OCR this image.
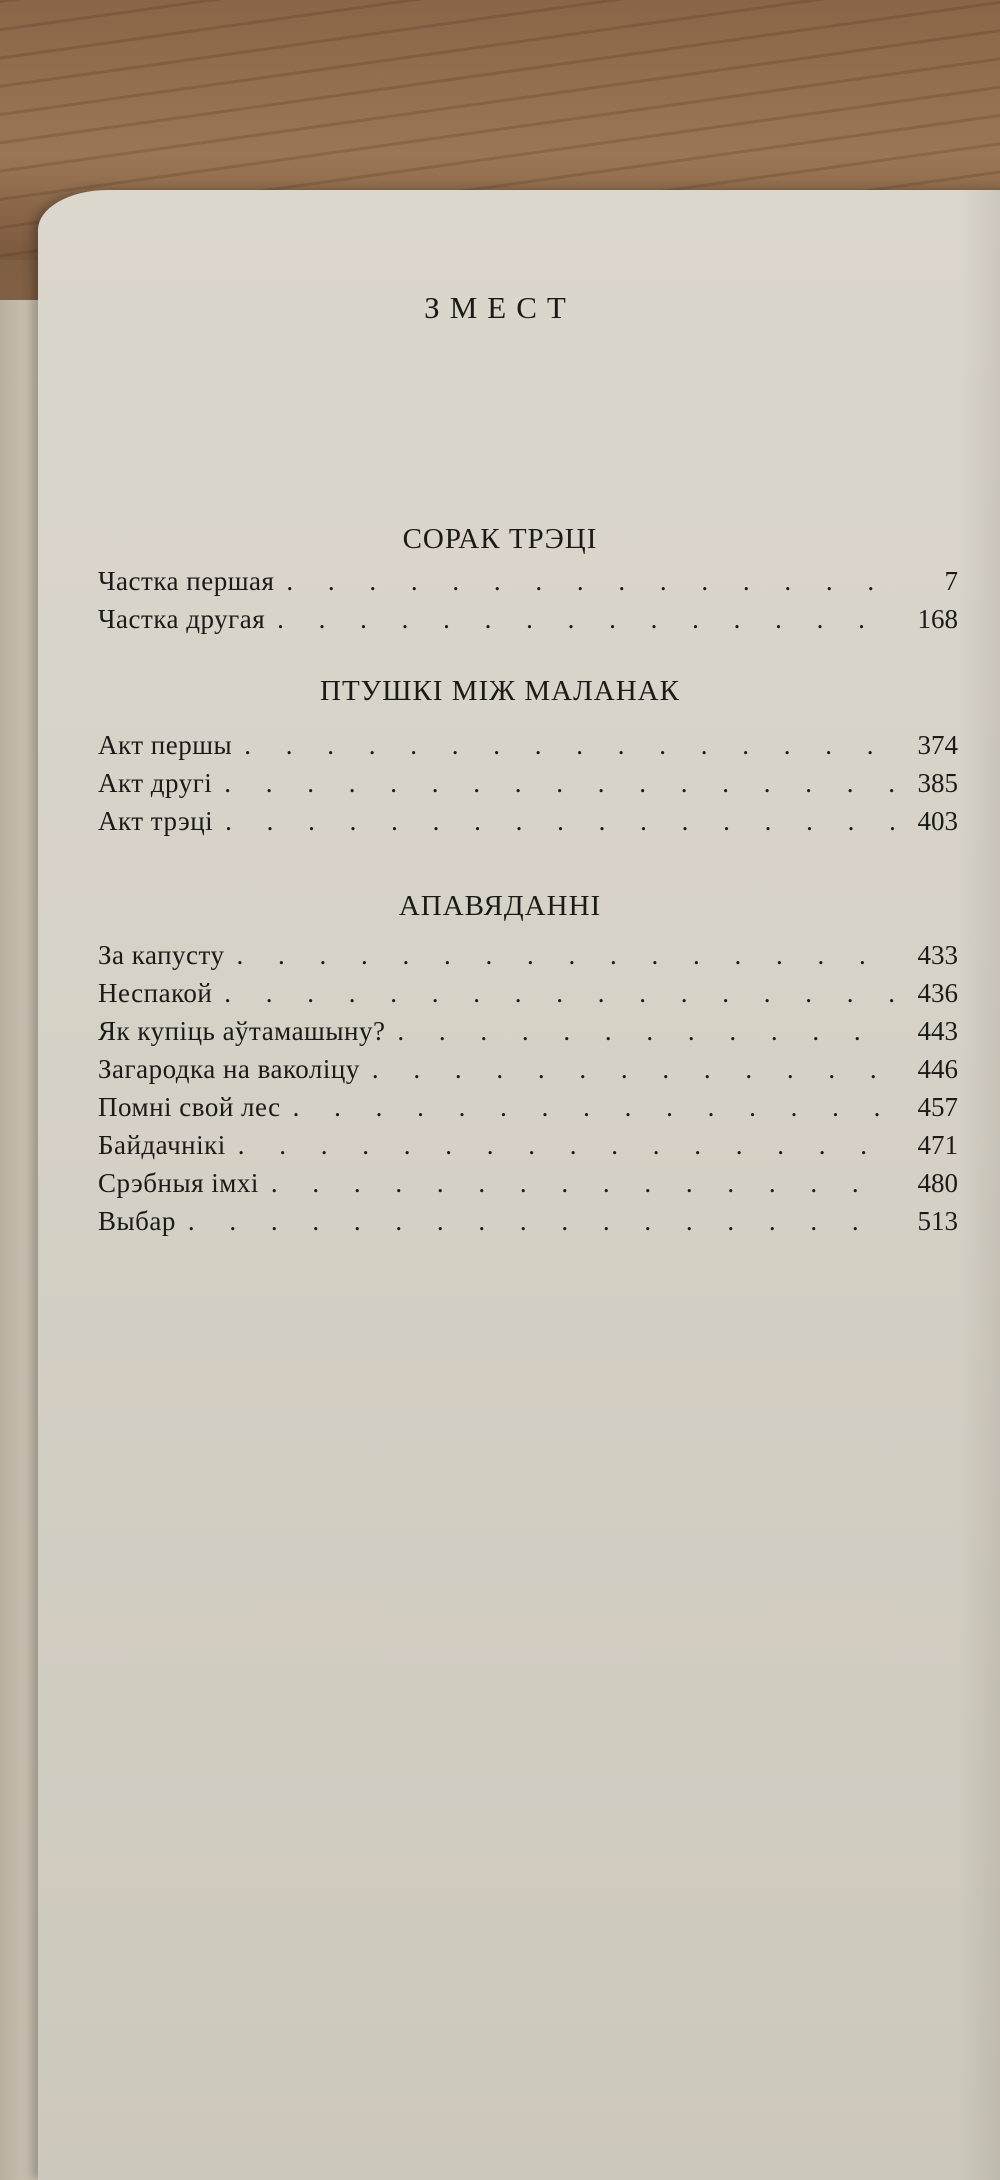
ЗМЕСТ
СОРАК ТРЭЦІ
Частка першая . . .	7
Частка другая . . .	168
ПТУШКІ МІЖ МАЛАНАК
Акт першы . . .	374
Акт другі . . .	385
Акт трэці . . .	403
АПАВЯДАННІ
За капусту . . .	433
Неспакой . . .	436
Як купіць аўтамашыну? . . .	443
Загародка на ваколіцу . . .	446
Помні свой лес . . .	457
Байдачнікі . . .	471
Срэбныя імхі . . .	480
Выбар . . .	513
